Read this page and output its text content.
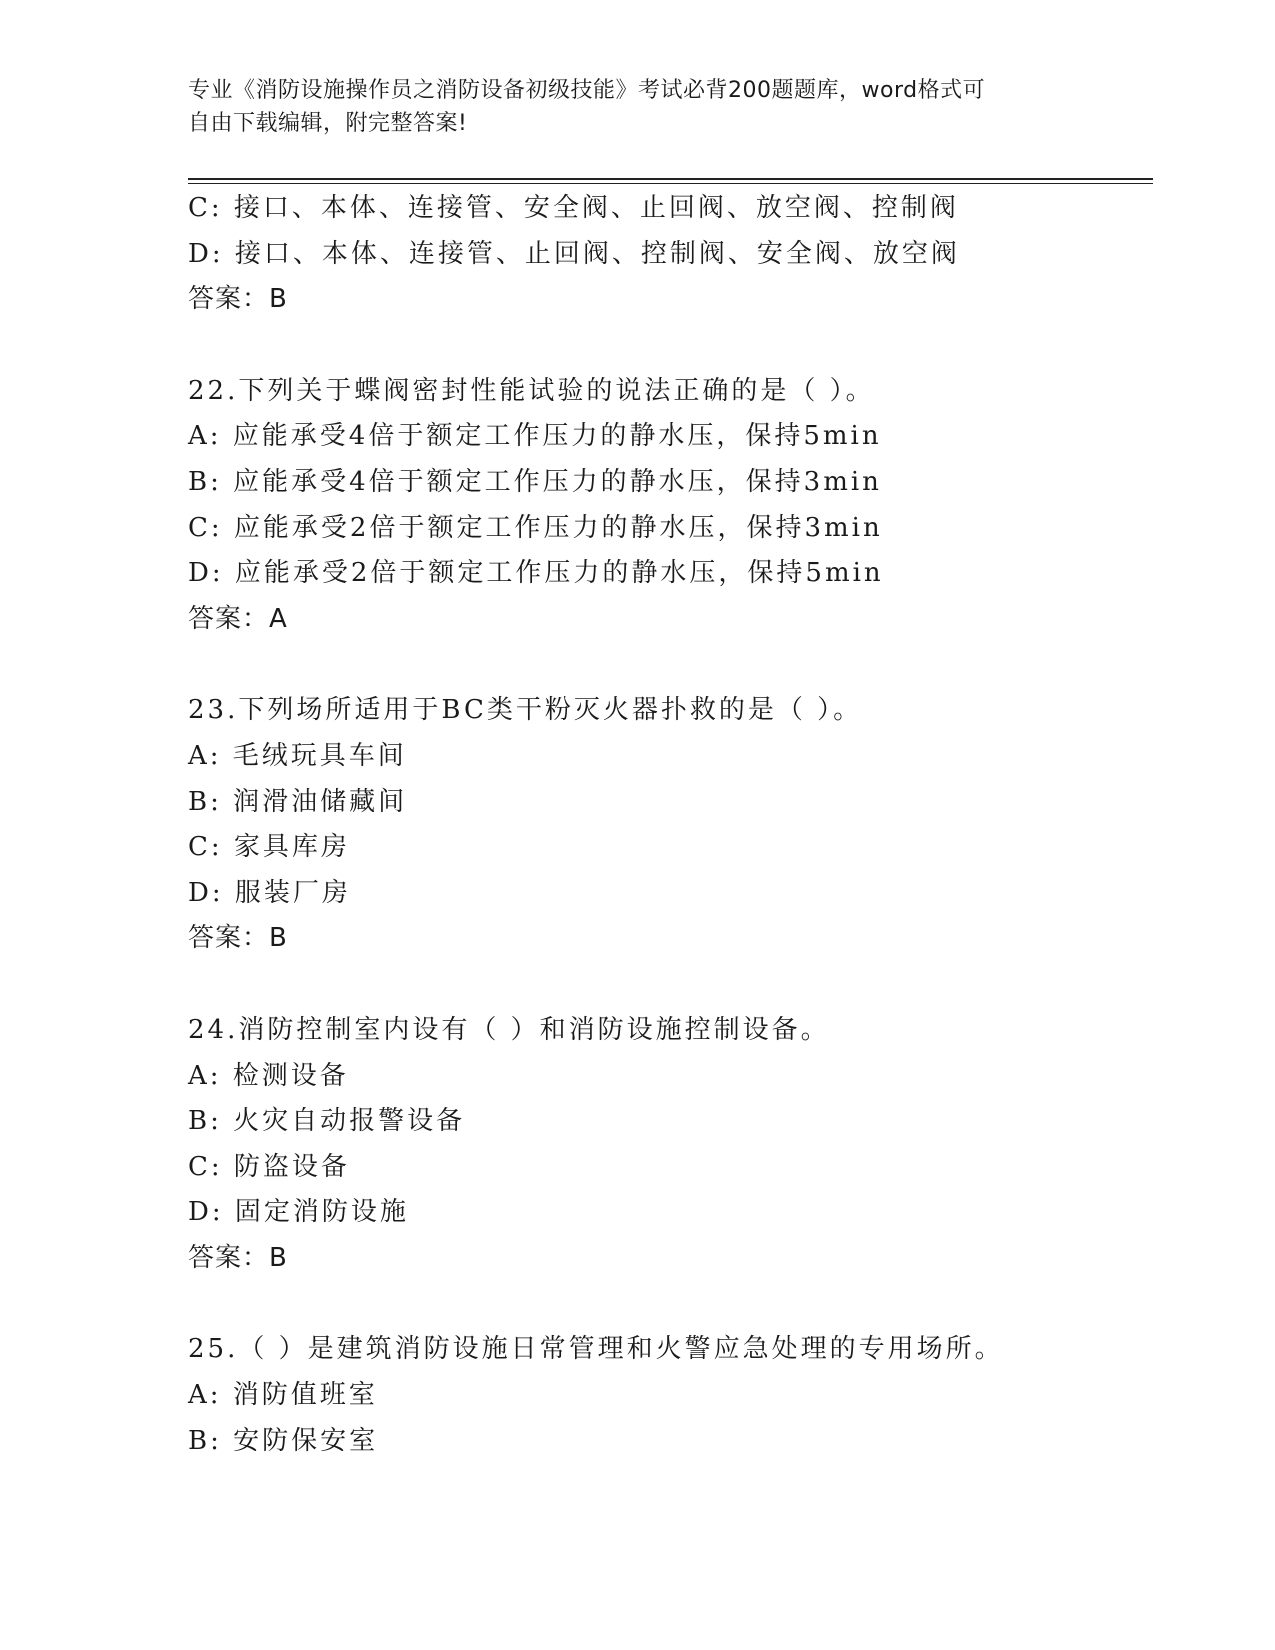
专业《消防设施操作员之消防设备初级技能》考试必背200题题库，word格式可
自由下载编辑，附完整答案!
C: 接口、本体、连接管、安全阀、止回阀、放空阀、控制阀
D: 接口、本体、连接管、止回阀、控制阀、安全阀、放空阀
答案：B
22.下列关于蝶阀密封性能试验的说法正确的是（ ）。
A: 应能承受4倍于额定工作压力的静水压，保持5min
B: 应能承受4倍于额定工作压力的静水压，保持3min
C: 应能承受2倍于额定工作压力的静水压，保持3min
D: 应能承受2倍于额定工作压力的静水压，保持5min
答案：A
23.下列场所适用于BC类干粉灭火器扑救的是（ ）。
A: 毛绒玩具车间
B: 润滑油储藏间
C: 家具库房
D: 服装厂房
答案：B
24.消防控制室内设有（ ）和消防设施控制设备。
A: 检测设备
B: 火灾自动报警设备
C: 防盗设备
D: 固定消防设施
答案：B
25.（ ）是建筑消防设施日常管理和火警应急处理的专用场所。
A: 消防值班室
B: 安防保安室
